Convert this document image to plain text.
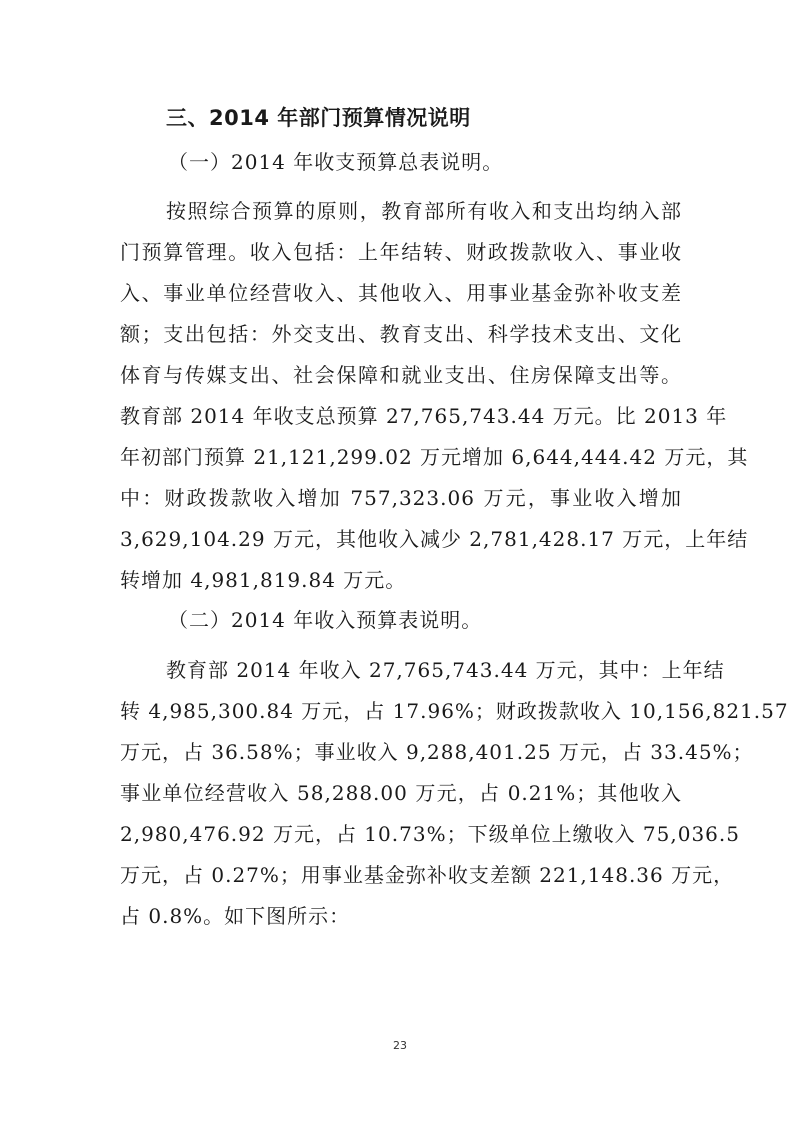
三、2014 年部门预算情况说明
（一）2014 年收支预算总表说明。
按照综合预算的原则，教育部所有收入和支出均纳入部
门预算管理。收入包括：上年结转、财政拨款收入、事业收
入、事业单位经营收入、其他收入、用事业基金弥补收支差
额；支出包括：外交支出、教育支出、科学技术支出、文化
体育与传媒支出、社会保障和就业支出、住房保障支出等。
教育部 2014 年收支总预算 27,765,743.44 万元。比 2013 年
年初部门预算 21,121,299.02 万元增加 6,644,444.42 万元，其
中：财政拨款收入增加 757,323.06 万元，事业收入增加
3,629,104.29 万元，其他收入减少 2,781,428.17 万元，上年结
转增加 4,981,819.84 万元。
（二）2014 年收入预算表说明。
教育部 2014 年收入 27,765,743.44 万元，其中：上年结
转 4,985,300.84 万元，占 17.96%；财政拨款收入 10,156,821.57
万元，占 36.58%；事业收入 9,288,401.25 万元，占 33.45%；
事业单位经营收入 58,288.00 万元，占 0.21%；其他收入
2,980,476.92 万元，占 10.73%；下级单位上缴收入 75,036.5
万元，占 0.27%；用事业基金弥补收支差额 221,148.36 万元，
占 0.8%。如下图所示：
23
